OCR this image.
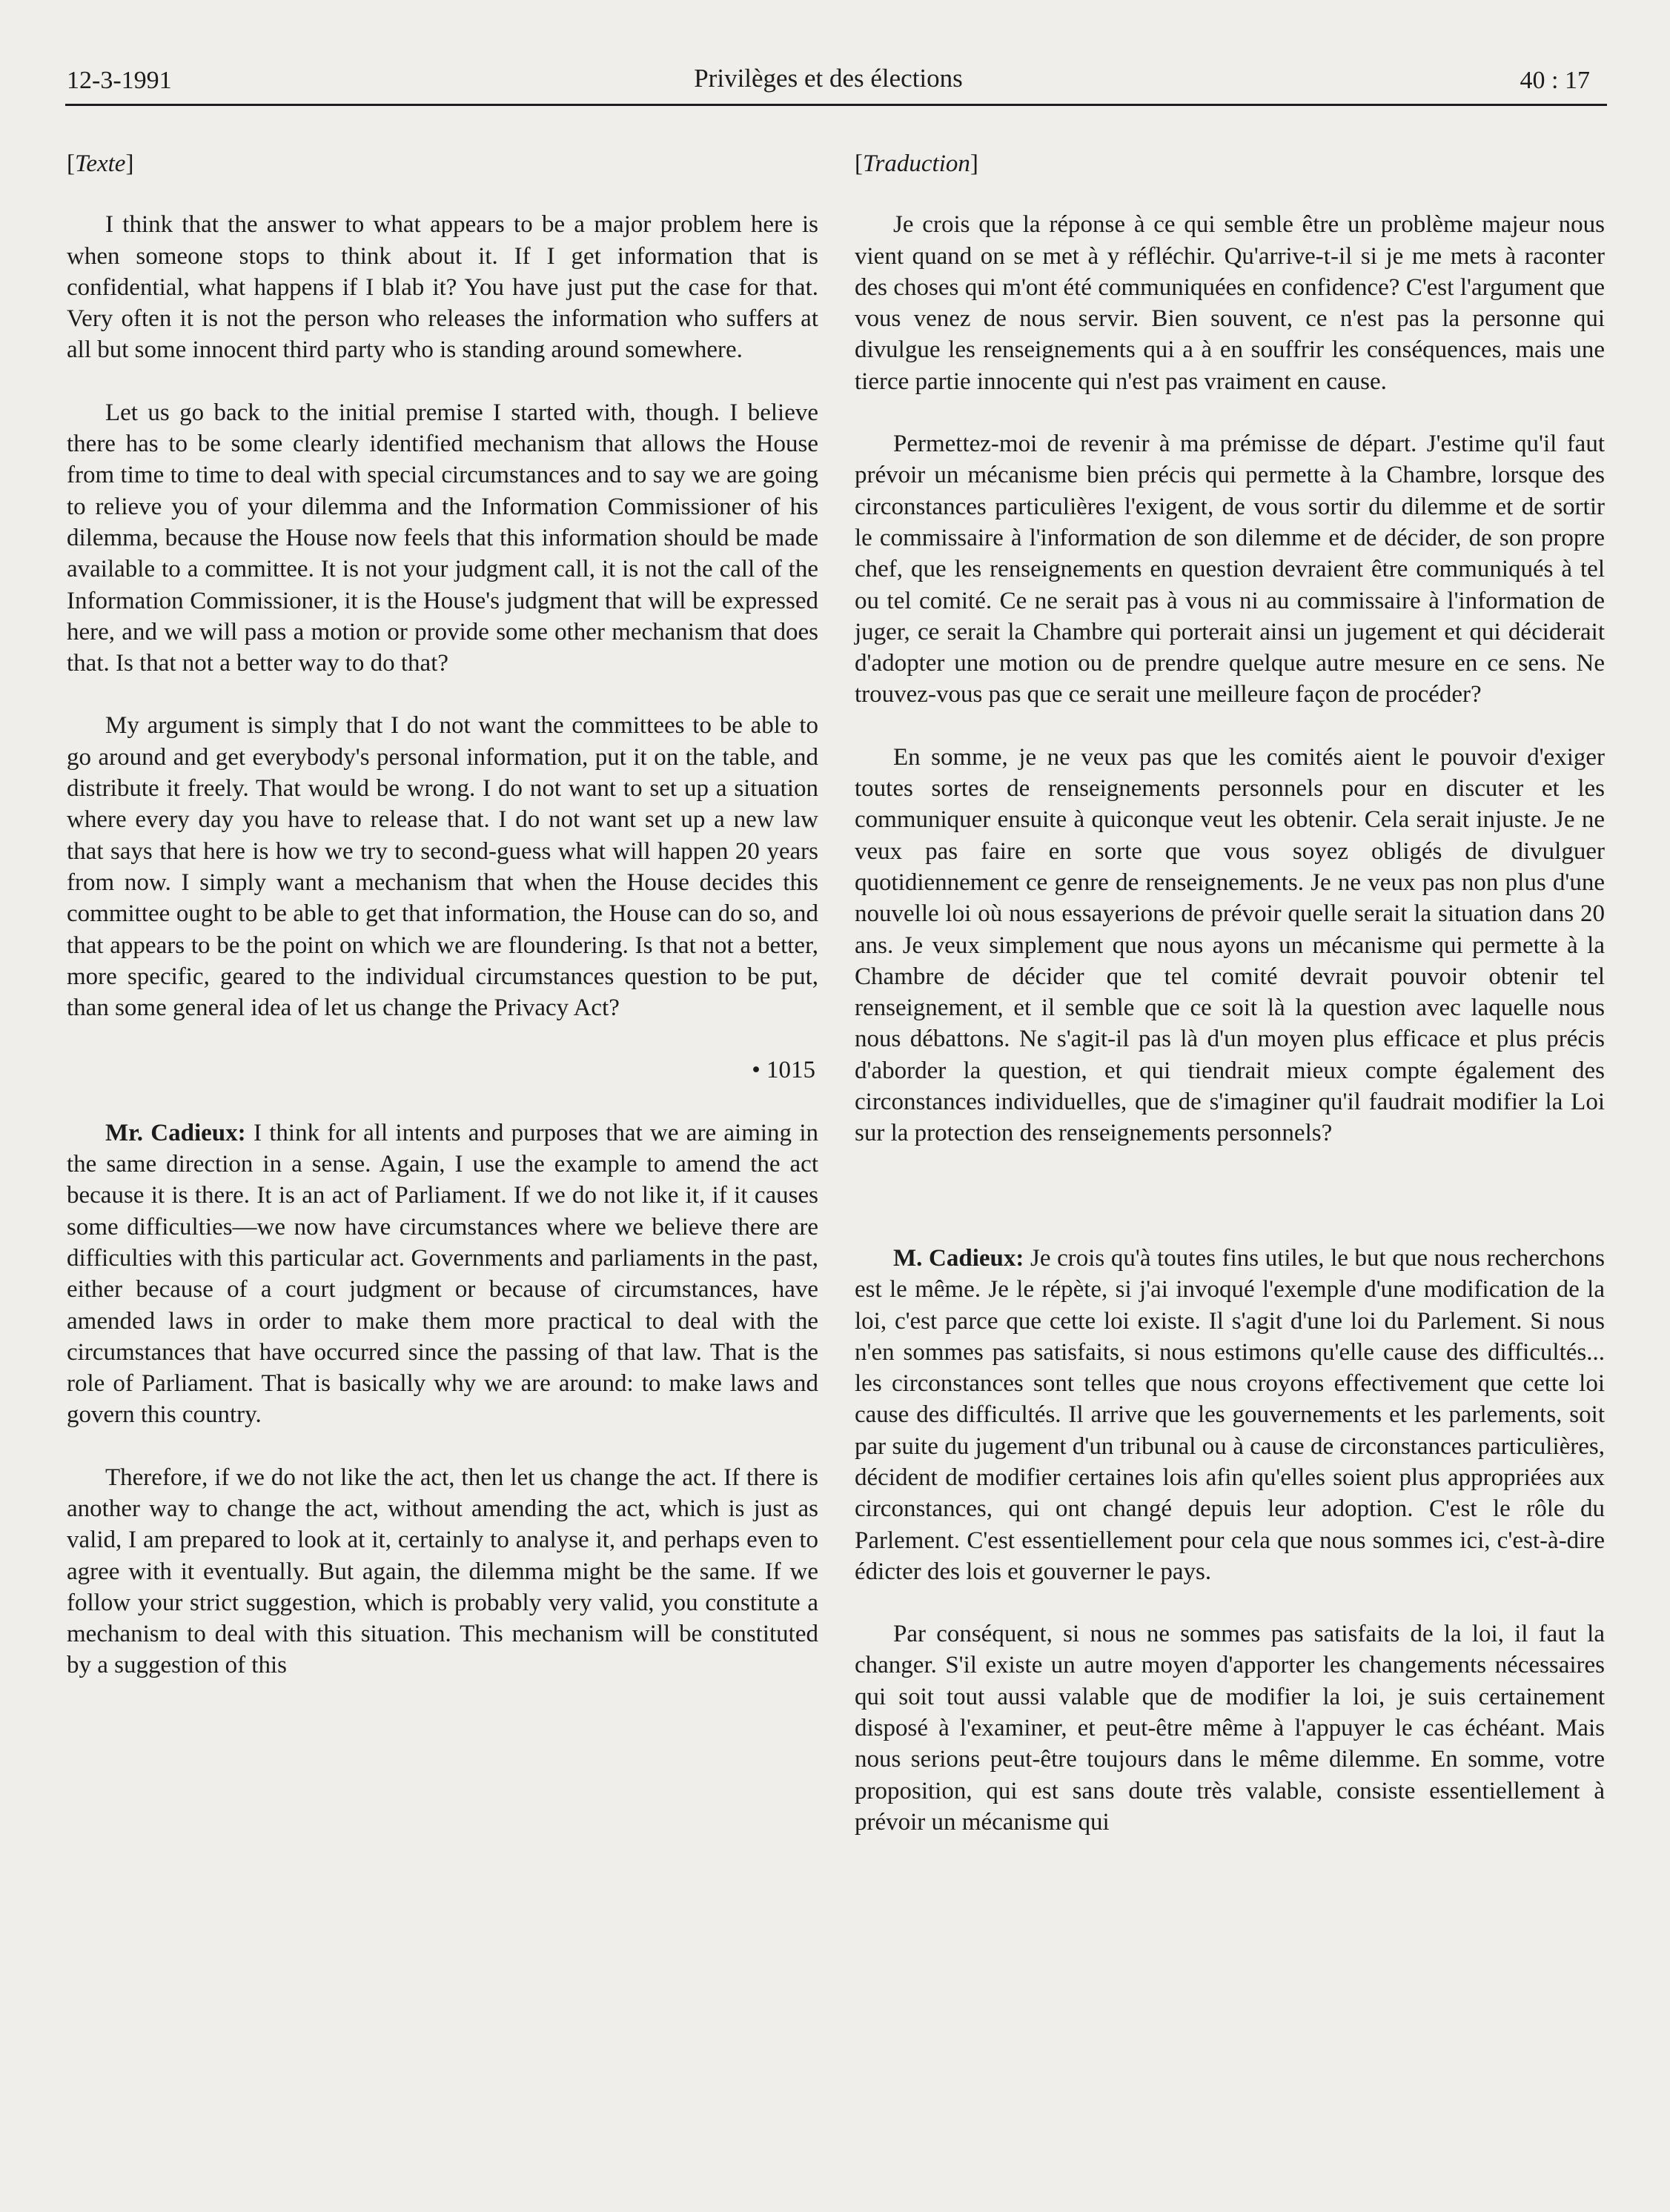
12-3-1991	Privilèges et des élections	40 : 17
[Texte]

I think that the answer to what appears to be a major problem here is when someone stops to think about it. If I get information that is confidential, what happens if I blab it? You have just put the case for that. Very often it is not the person who releases the information who suffers at all but some innocent third party who is standing around somewhere.

Let us go back to the initial premise I started with, though. I believe there has to be some clearly identified mechanism that allows the House from time to time to deal with special circumstances and to say we are going to relieve you of your dilemma and the Information Commissioner of his dilemma, because the House now feels that this information should be made available to a committee. It is not your judgment call, it is not the call of the Information Commissioner, it is the House's judgment that will be expressed here, and we will pass a motion or provide some other mechanism that does that. Is that not a better way to do that?

My argument is simply that I do not want the committees to be able to go around and get everybody's personal information, put it on the table, and distribute it freely. That would be wrong. I do not want to set up a situation where every day you have to release that. I do not want set up a new law that says that here is how we try to second-guess what will happen 20 years from now. I simply want a mechanism that when the House decides this committee ought to be able to get that information, the House can do so, and that appears to be the point on which we are floundering. Is that not a better, more specific, geared to the individual circumstances question to be put, than some general idea of let us change the Privacy Act?

• 1015

Mr. Cadieux: I think for all intents and purposes that we are aiming in the same direction in a sense. Again, I use the example to amend the act because it is there. It is an act of Parliament. If we do not like it, if it causes some difficulties—we now have circumstances where we believe there are difficulties with this particular act. Governments and parliaments in the past, either because of a court judgment or because of circumstances, have amended laws in order to make them more practical to deal with the circumstances that have occurred since the passing of that law. That is the role of Parliament. That is basically why we are around: to make laws and govern this country.

Therefore, if we do not like the act, then let us change the act. If there is another way to change the act, without amending the act, which is just as valid, I am prepared to look at it, certainly to analyse it, and perhaps even to agree with it eventually. But again, the dilemma might be the same. If we follow your strict suggestion, which is probably very valid, you constitute a mechanism to deal with this situation. This mechanism will be constituted by a suggestion of this

[Traduction]

Je crois que la réponse à ce qui semble être un problème majeur nous vient quand on se met à y réfléchir. Qu'arrive-t-il si je me mets à raconter des choses qui m'ont été communiquées en confidence? C'est l'argument que vous venez de nous servir. Bien souvent, ce n'est pas la personne qui divulgue les renseignements qui a à en souffrir les conséquences, mais une tierce partie innocente qui n'est pas vraiment en cause.

Permettez-moi de revenir à ma prémisse de départ. J'estime qu'il faut prévoir un mécanisme bien précis qui permette à la Chambre, lorsque des circonstances particulières l'exigent, de vous sortir du dilemme et de sortir le commissaire à l'information de son dilemme et de décider, de son propre chef, que les renseignements en question devraient être communiqués à tel ou tel comité. Ce ne serait pas à vous ni au commissaire à l'information de juger, ce serait la Chambre qui porterait ainsi un jugement et qui déciderait d'adopter une motion ou de prendre quelque autre mesure en ce sens. Ne trouvez-vous pas que ce serait une meilleure façon de procéder?

En somme, je ne veux pas que les comités aient le pouvoir d'exiger toutes sortes de renseignements personnels pour en discuter et les communiquer ensuite à quiconque veut les obtenir. Cela serait injuste. Je ne veux pas faire en sorte que vous soyez obligés de divulguer quotidiennement ce genre de renseignements. Je ne veux pas non plus d'une nouvelle loi où nous essayerions de prévoir quelle serait la situation dans 20 ans. Je veux simplement que nous ayons un mécanisme qui permette à la Chambre de décider que tel comité devrait pouvoir obtenir tel renseignement, et il semble que ce soit là la question avec laquelle nous nous débattons. Ne s'agit-il pas là d'un moyen plus efficace et plus précis d'aborder la question, et qui tiendrait mieux compte également des circonstances individuelles, que de s'imaginer qu'il faudrait modifier la Loi sur la protection des renseignements personnels?

M. Cadieux: Je crois qu'à toutes fins utiles, le but que nous recherchons est le même. Je le répète, si j'ai invoqué l'exemple d'une modification de la loi, c'est parce que cette loi existe. Il s'agit d'une loi du Parlement. Si nous n'en sommes pas satisfaits, si nous estimons qu'elle cause des difficultés... les circonstances sont telles que nous croyons effectivement que cette loi cause des difficultés. Il arrive que les gouvernements et les parlements, soit par suite du jugement d'un tribunal ou à cause de circonstances particulières, décident de modifier certaines lois afin qu'elles soient plus appropriées aux circonstances, qui ont changé depuis leur adoption. C'est le rôle du Parlement. C'est essentiellement pour cela que nous sommes ici, c'est-à-dire édicter des lois et gouverner le pays.

Par conséquent, si nous ne sommes pas satisfaits de la loi, il faut la changer. S'il existe un autre moyen d'apporter les changements nécessaires qui soit tout aussi valable que de modifier la loi, je suis certainement disposé à l'examiner, et peut-être même à l'appuyer le cas échéant. Mais nous serions peut-être toujours dans le même dilemme. En somme, votre proposition, qui est sans doute très valable, consiste essentiellement à prévoir un mécanisme qui
